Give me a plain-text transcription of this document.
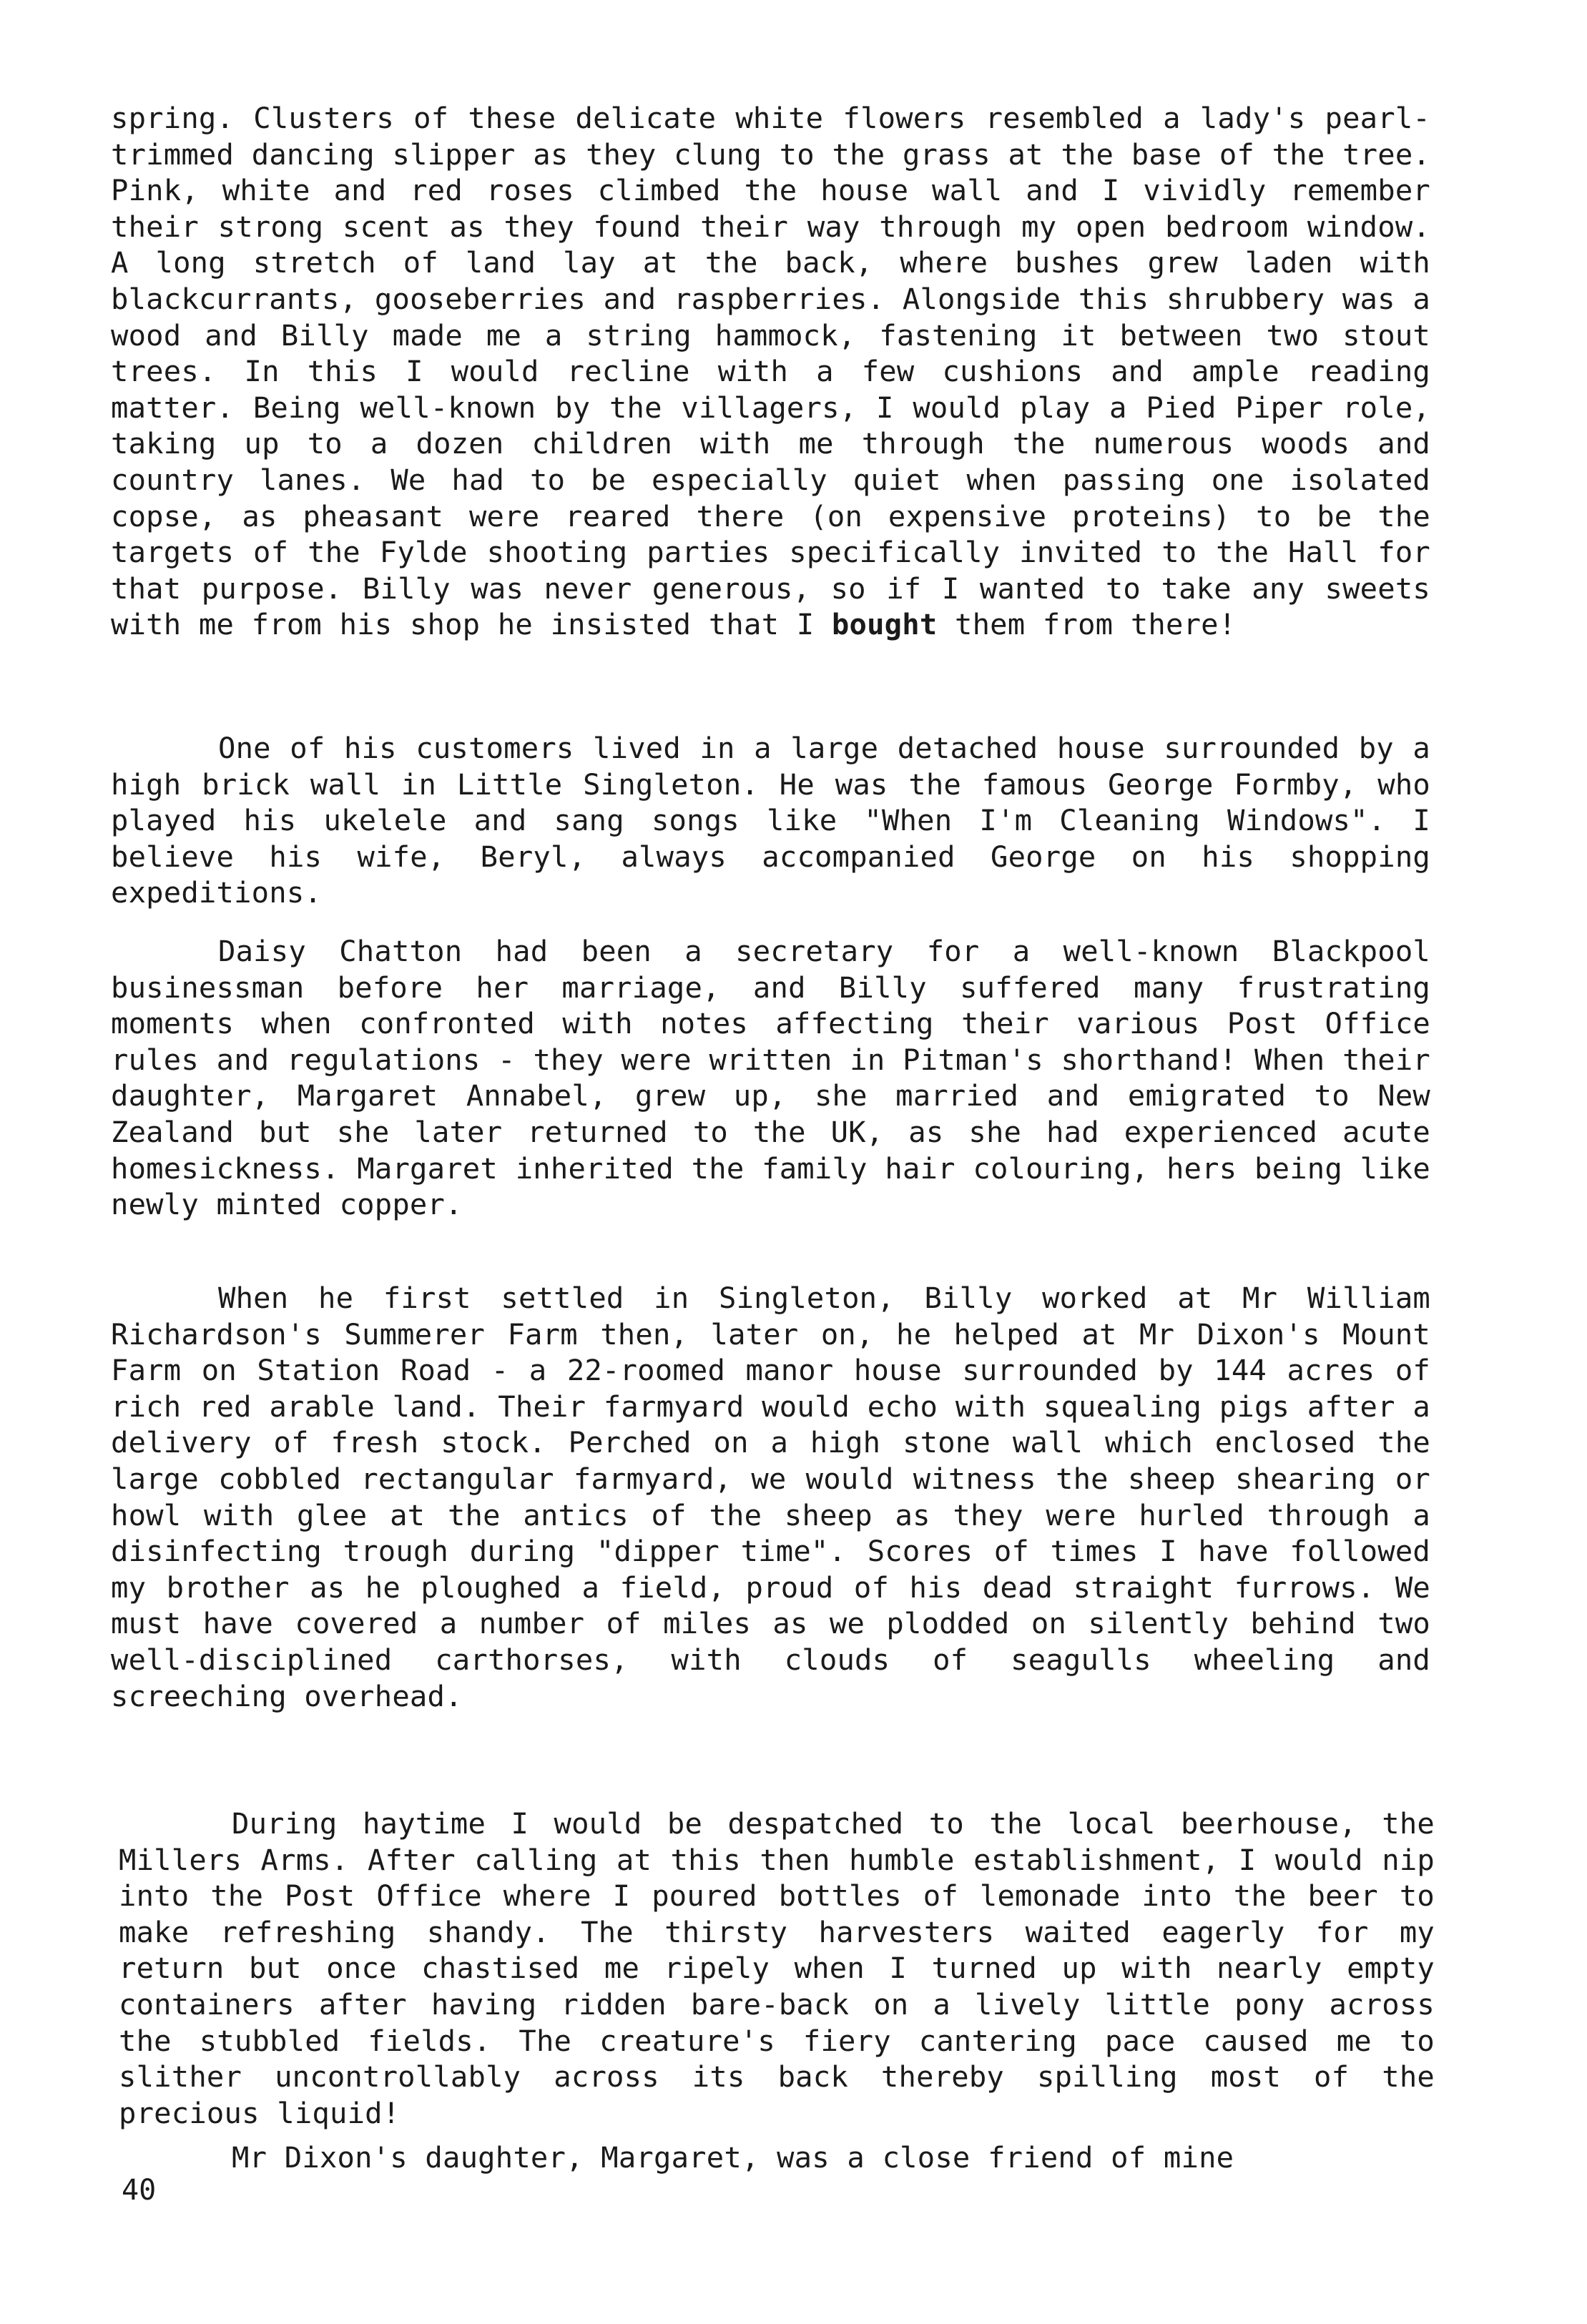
spring. Clusters of these delicate white flowers resembled a lady's pearl-trimmed dancing slipper as they clung to the grass at the base of the tree. Pink, white and red roses climbed the house wall and I vividly remember their strong scent as they found their way through my open bedroom window. A long stretch of land lay at the back, where bushes grew laden with blackcurrants, gooseberries and raspberries. Alongside this shrubbery was a wood and Billy made me a string hammock, fastening it between two stout trees. In this I would recline with a few cushions and ample reading matter. Being well-known by the villagers, I would play a Pied Piper role, taking up to a dozen children with me through the numerous woods and country lanes. We had to be especially quiet when passing one isolated copse, as pheasant were reared there (on expensive proteins) to be the targets of the Fylde shooting parties specifically invited to the Hall for that purpose. Billy was never generous, so if I wanted to take any sweets with me from his shop he insisted that I bought them from there!

One of his customers lived in a large detached house surrounded by a high brick wall in Little Singleton. He was the famous George Formby, who played his ukelele and sang songs like "When I'm Cleaning Windows". I believe his wife, Beryl, always accompanied George on his shopping expeditions.

Daisy Chatton had been a secretary for a well-known Blackpool businessman before her marriage, and Billy suffered many frustrating moments when confronted with notes affecting their various Post Office rules and regulations - they were written in Pitman's shorthand! When their daughter, Margaret Annabel, grew up, she married and emigrated to New Zealand but she later returned to the UK, as she had experienced acute homesickness. Margaret inherited the family hair colouring, hers being like newly minted copper.

When he first settled in Singleton, Billy worked at Mr William Richardson's Summerer Farm then, later on, he helped at Mr Dixon's Mount Farm on Station Road - a 22-roomed manor house surrounded by 144 acres of rich red arable land. Their farmyard would echo with squealing pigs after a delivery of fresh stock. Perched on a high stone wall which enclosed the large cobbled rectangular farmyard, we would witness the sheep shearing or howl with glee at the antics of the sheep as they were hurled through a disinfecting trough during "dipper time". Scores of times I have followed my brother as he ploughed a field, proud of his dead straight furrows. We must have covered a number of miles as we plodded on silently behind two well-disciplined carthorses, with clouds of seagulls wheeling and screeching overhead.

During haytime I would be despatched to the local beerhouse, the Millers Arms. After calling at this then humble establishment, I would nip into the Post Office where I poured bottles of lemonade into the beer to make refreshing shandy. The thirsty harvesters waited eagerly for my return but once chastised me ripely when I turned up with nearly empty containers after having ridden bare-back on a lively little pony across the stubbled fields. The creature's fiery cantering pace caused me to slither uncontrollably across its back thereby spilling most of the precious liquid!

Mr Dixon's daughter, Margaret, was a close friend of mine

40
